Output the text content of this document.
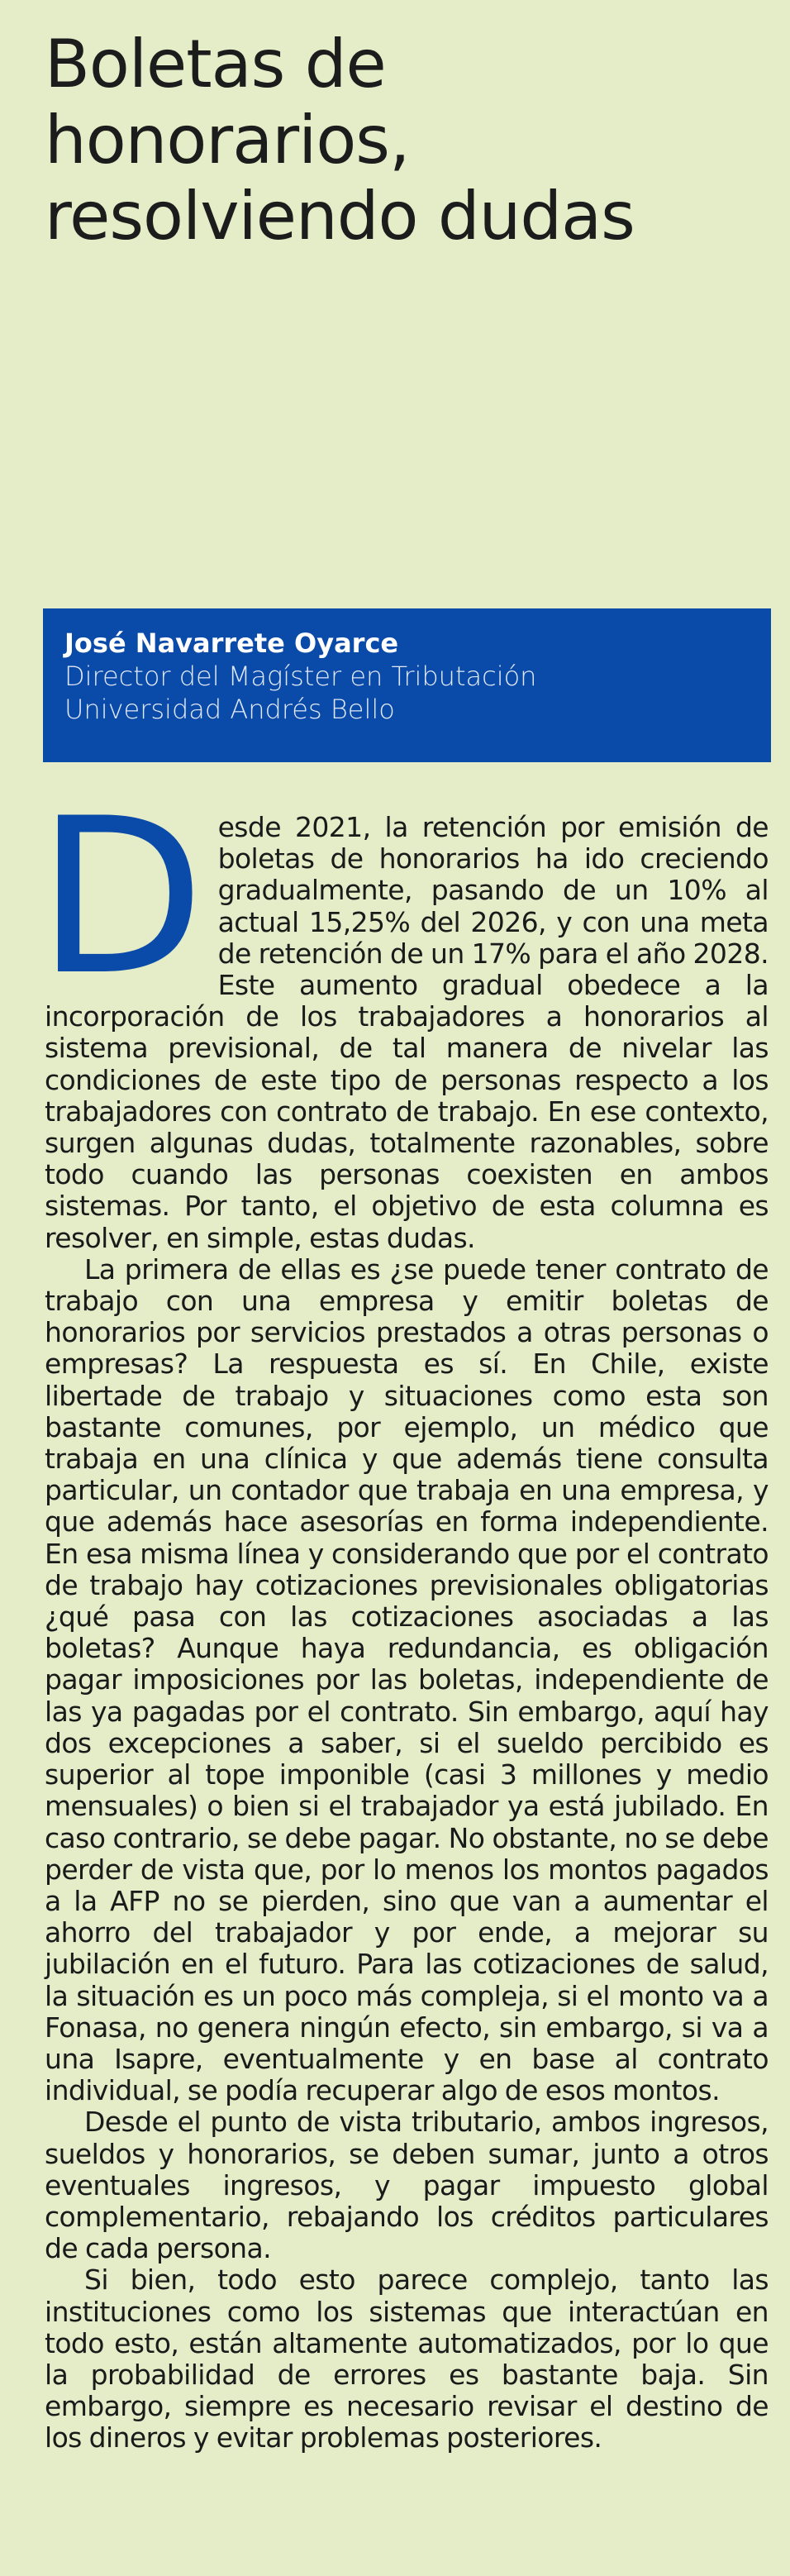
Boletas de honorarios,
resolviendo dudas
José Navarrete Oyarce
Director del Magíster en Tributación
Universidad Andrés Bello

Desde 2021, la retención por emisión de boletas de honorarios ha ido creciendo gradualmente, pasando de un 10% al actual 15,25% del 2026, y con una meta de retención de un 17% para el año 2028. Este aumento gradual obedece a la incorporación de los trabajadores a honorarios al sistema previsional, de tal manera de nivelar las condiciones de este tipo de personas respecto a los trabajadores con contrato de trabajo. En ese contexto, surgen algunas dudas, totalmente razonables, sobre todo cuando las personas coexisten en ambos sistemas. Por tanto, el objetivo de esta columna es resolver, en simple, estas dudas.

La primera de ellas es ¿se puede tener contrato de trabajo con una empresa y emitir boletas de honorarios por servicios prestados a otras personas o empresas? La respuesta es sí. En Chile, existe libertade de trabajo y situaciones como esta son bastante comunes, por ejemplo, un médico que trabaja en una clínica y que además tiene consulta particular, un contador que trabaja en una empresa, y que además hace asesorías en forma independiente. En esa misma línea y considerando que por el contrato de trabajo hay cotizaciones previsionales obligatorias ¿qué pasa con las cotizaciones asociadas a las boletas? Aunque haya redundancia, es obligación pagar imposiciones por las boletas, independiente de las ya pagadas por el contrato. Sin embargo, aquí hay dos excepciones a saber, si el sueldo percibido es superior al tope imponible (casi 3 millones y medio mensuales) o bien si el trabajador ya está jubilado. En caso contrario, se debe pagar. No obstante, no se debe perder de vista que, por lo menos los montos pagados a la AFP no se pierden, sino que van a aumentar el ahorro del trabajador y por ende, a mejorar su jubilación en el futuro. Para las cotizaciones de salud, la situación es un poco más compleja, si el monto va a Fonasa, no genera ningún efecto, sin embargo, si va a una Isapre, eventualmente y en base al contrato individual, se podía recuperar algo de esos montos.

Desde el punto de vista tributario, ambos ingresos, sueldos y honorarios, se deben sumar, junto a otros eventuales ingresos, y pagar impuesto global complementario, rebajando los créditos particulares de cada persona.

Si bien, todo esto parece complejo, tanto las instituciones como los sistemas que interactúan en todo esto, están altamente automatizados, por lo que la probabilidad de errores es bastante baja. Sin embargo, siempre es necesario revisar el destino de los dineros y evitar problemas posteriores.
